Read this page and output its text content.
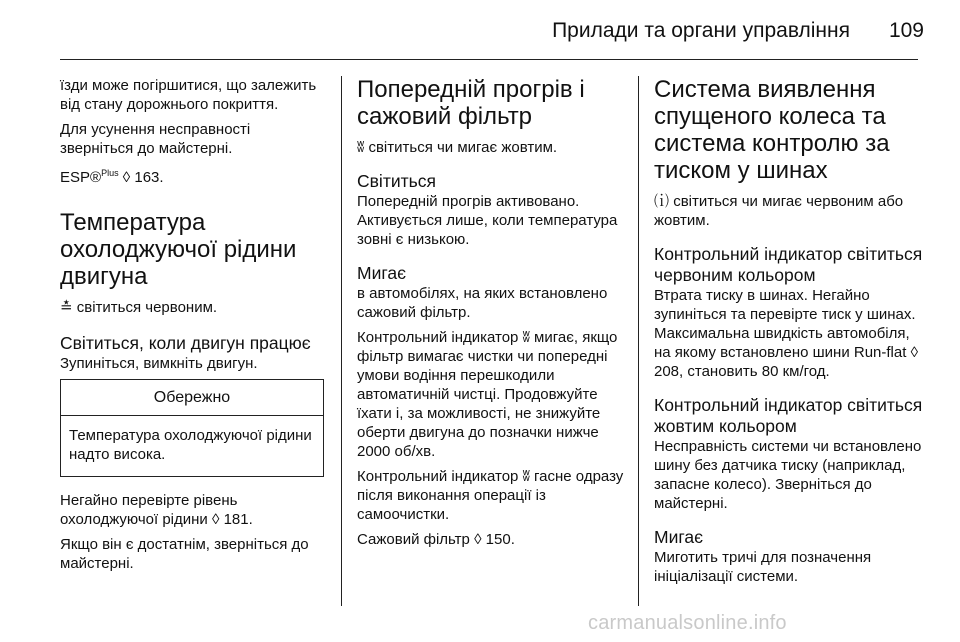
Прилади та органи управління 109

їзди може погіршитися, що залежить від стану дорожнього покриття.

Для усунення несправності зверніться до майстерні.

ESP®$^{Plus}$ ◊ 163.

Температура охолоджуючої рідини двигуна

≛ світиться червоним.

Світиться, коли двигун працює

Зупиніться, вимкніть двигун.

Обережно
Температура охолоджуючої рідини надто висока.

Негайно перевірте рівень охолоджуючої рідини ◊ 181.

Якщо він є достатнім, зверніться до майстерні.

Попередній прогрів і сажовий фільтр

ʬ світиться чи мигає жовтим.

Світиться

Попередній прогрів активовано. Активується лише, коли температура зовні є низькою.

Мигає

в автомобілях, на яких встановлено сажовий фільтр.

Контрольний індикатор ʬ мигає, якщо фільтр вимагає чистки чи попередні умови водіння перешкодили автоматичній чистці. Продовжуйте їхати і, за можливості, не знижуйте оберти двигуна до позначки нижче 2000 об/хв.

Контрольний індикатор ʬ гасне одразу після виконання операції із самоочистки.

Сажовий фільтр ◊ 150.

Система виявлення спущеного колеса та система контролю за тиском у шинах

⒤ світиться чи мигає червоним або жовтим.

Контрольний індикатор світиться червоним кольором

Втрата тиску в шинах. Негайно зупиніться та перевірте тиск у шинах. Максимальна швидкість автомобіля, на якому встановлено шини Run-flat ◊ 208, становить 80 км/год.

Контрольний індикатор світиться жовтим кольором

Несправність системи чи встановлено шину без датчика тиску (наприклад, запасне колесо). Зверніться до майстерні.

Мигає

Миготить тричі для позначення ініціалізації системи.

carmanualsonline.info
